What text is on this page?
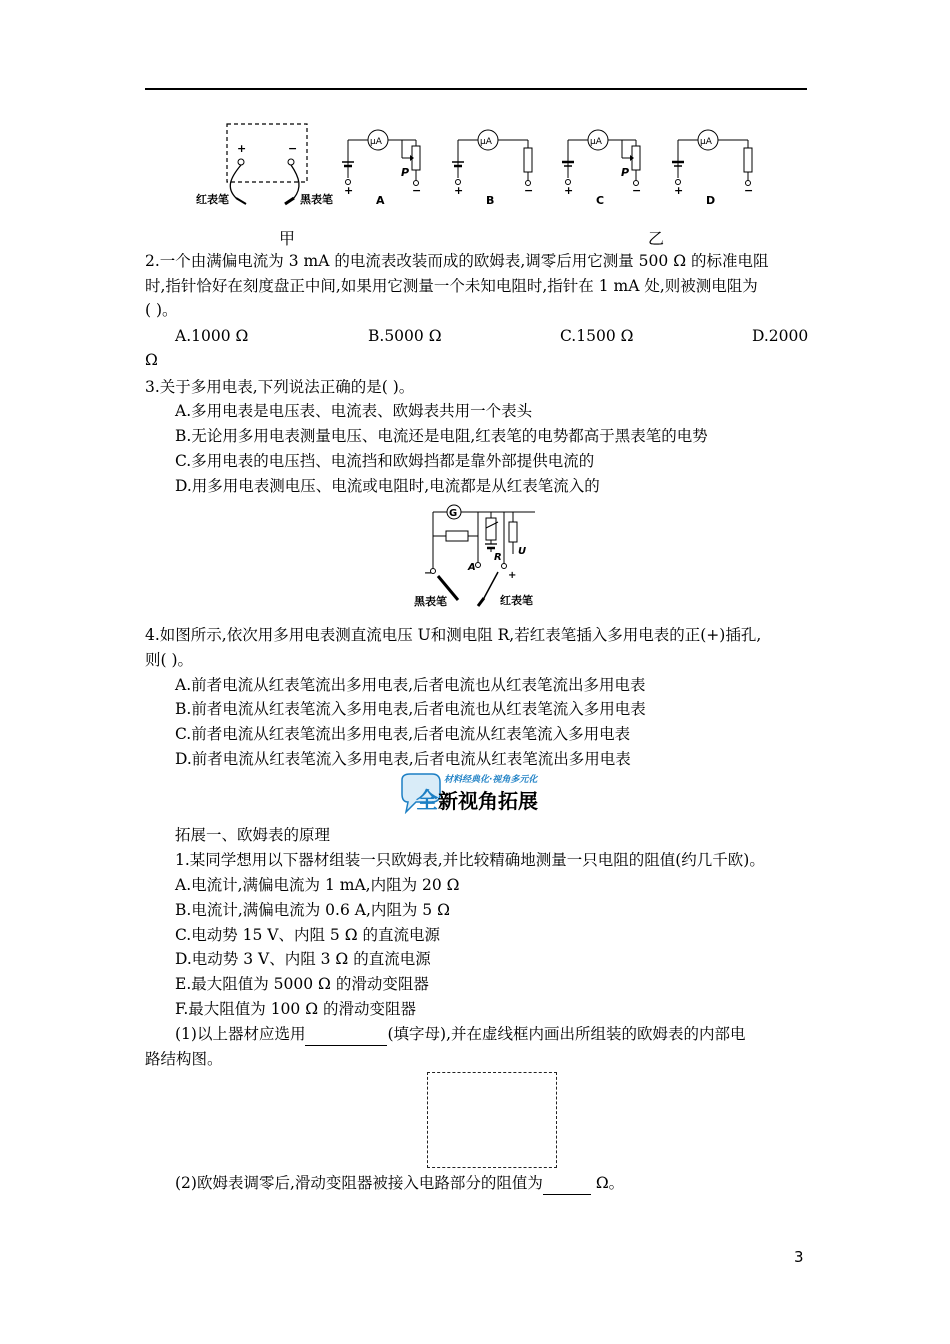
+	−
红表笔	黑表笔
μA
P
+	−
A
μA
+	−
B
μA
P
+	−
C
μA
+	−
D
甲	乙
2.一个由满偏电流为 3 mA 的电流表改装而成的欧姆表,调零后用它测量 500 Ω 的标准电阻
时,指针恰好在刻度盘正中间,如果用它测量一个未知电阻时,指针在 1 mA 处,则被测电阻为
( )。
A.1000 Ω	B.5000 Ω	C.1500 Ω	D.2000
Ω
3.关于多用电表,下列说法正确的是( )。
A.多用电表是电压表、电流表、欧姆表共用一个表头
B.无论用多用电表测量电压、电流还是电阻,红表笔的电势都高于黑表笔的电势
C.多用电表的电压挡、电流挡和欧姆挡都是靠外部提供电流的
D.用多用电表测电压、电流或电阻时,电流都是从红表笔流入的
G
R
U
A
−	+
黑表笔	红表笔
4.如图所示,依次用多用电表测直流电压 U和测电阻 R,若红表笔插入多用电表的正(+)插孔,
则( )。
A.前者电流从红表笔流出多用电表,后者电流也从红表笔流出多用电表
B.前者电流从红表笔流入多用电表,后者电流也从红表笔流入多用电表
C.前者电流从红表笔流出多用电表,后者电流从红表笔流入多用电表
D.前者电流从红表笔流入多用电表,后者电流从红表笔流出多用电表
材料经典化·视角多元化
全新视角拓展
拓展一、欧姆表的原理
1.某同学想用以下器材组装一只欧姆表,并比较精确地测量一只电阻的阻值(约几千欧)。
A.电流计,满偏电流为 1 mA,内阻为 20 Ω
B.电流计,满偏电流为 0.6 A,内阻为 5 Ω
C.电动势 15 V、内阻 5 Ω 的直流电源
D.电动势 3 V、内阻 3 Ω 的直流电源
E.最大阻值为 5000 Ω 的滑动变阻器
F.最大阻值为 100 Ω 的滑动变阻器
(1)以上器材应选用	(填字母),并在虚线框内画出所组装的欧姆表的内部电
路结构图。
(2)欧姆表调零后,滑动变阻器被接入电路部分的阻值为	Ω。
3
